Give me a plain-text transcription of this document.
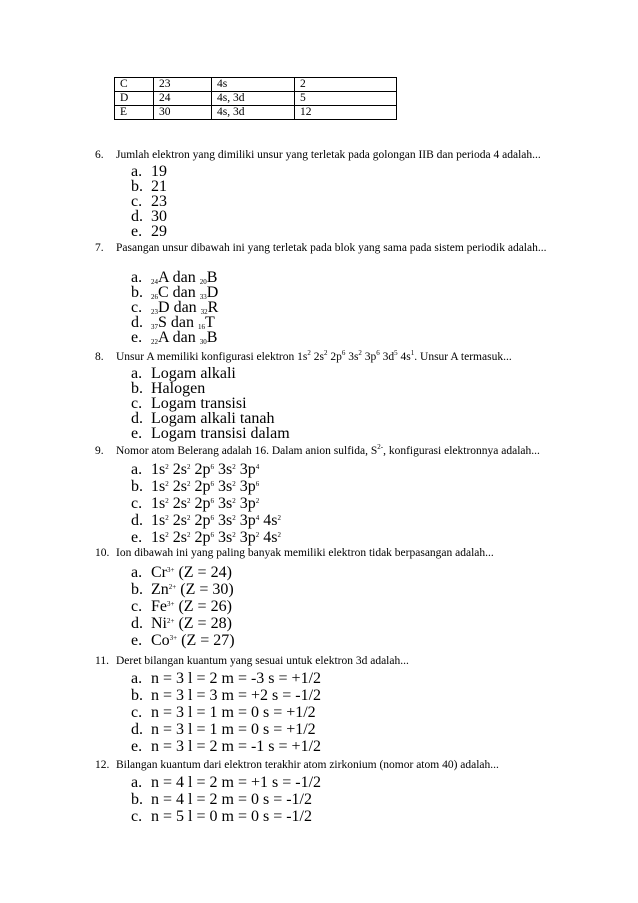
C	23	4s	2
D	24	4s, 3d	5
E	30	4s, 3d	12
6. Jumlah elektron yang dimiliki unsur yang terletak pada golongan IIB dan perioda 4 adalah...
a. 19
b. 21
c. 23
d. 30
e. 29
7. Pasangan unsur dibawah ini yang terletak pada blok yang sama pada sistem periodik adalah...
a. $_{24}$A dan $_{20}$B
b. $_{26}$C dan $_{33}$D
c. $_{23}$D dan $_{32}$R
d. $_{37}$S dan $_{16}$T
e. $_{22}$A dan $_{30}$B
8. Unsur A memiliki konfigurasi elektron $1s^2$ $2s^2$ $2p^6$ $3s^2$ $3p^6$ $3d^5$ $4s^1$. Unsur A termasuk...
a. Logam alkali
b. Halogen
c. Logam transisi
d. Logam alkali tanah
e. Logam transisi dalam
9. Nomor atom Belerang adalah 16. Dalam anion sulfida, $S^{2-}$, konfigurasi elektronnya adalah...
a. $1s^2$ $2s^2$ $2p^6$ $3s^2$ $3p^4$
b. $1s^2$ $2s^2$ $2p^6$ $3s^2$ $3p^6$
c. $1s^2$ $2s^2$ $2p^6$ $3s^2$ $3p^2$
d. $1s^2$ $2s^2$ $2p^6$ $3s^2$ $3p^4$ $4s^2$
e. $1s^2$ $2s^2$ $2p^6$ $3s^2$ $3p^2$ $4s^2$
10. Ion dibawah ini yang paling banyak memiliki elektron tidak berpasangan adalah...
a. $Cr^{3+}$ (Z = 24)
b. $Zn^{2+}$ (Z = 30)
c. $Fe^{3+}$ (Z = 26)
d. $Ni^{2+}$ (Z = 28)
e. $Co^{3+}$ (Z = 27)
11. Deret bilangan kuantum yang sesuai untuk elektron 3d adalah...
a. n = 3 l = 2 m = -3 s = +1/2
b. n = 3 l = 3 m = +2 s = -1/2
c. n = 3 l = 1 m = 0 s = +1/2
d. n = 3 l = 1 m = 0 s = +1/2
e. n = 3 l = 2 m = -1 s = +1/2
12. Bilangan kuantum dari elektron terakhir atom zirkonium (nomor atom 40) adalah...
a. n = 4 l = 2 m = +1 s = -1/2
b. n = 4 l = 2 m = 0 s = -1/2
c. n = 5 l = 0 m = 0 s = -1/2
